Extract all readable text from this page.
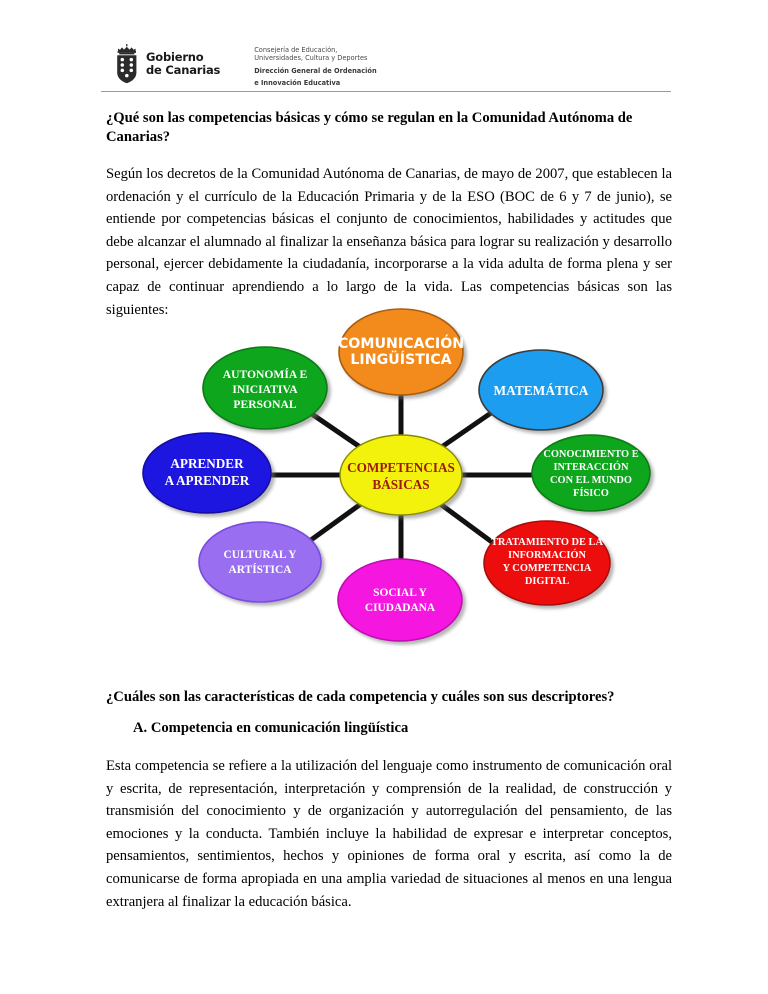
Gobierno
de Canarias
Consejería de Educación,
Universidades, Cultura y Deportes
Dirección General de Ordenación
e Innovación Educativa
¿Qué son las competencias básicas y cómo se regulan en la Comunidad Autónoma de Canarias?
Según los decretos de la Comunidad Autónoma de Canarias, de mayo de 2007, que establecen la ordenación y el currículo de la Educación Primaria y de la ESO (BOC de 6 y 7 de junio), se entiende por competencias básicas el conjunto de conocimientos, habilidades y actitudes que debe alcanzar el alumnado al finalizar la enseñanza básica para lograr su realización y desarrollo personal, ejercer debidamente la ciudadanía, incorporarse a la vida adulta de forma plena y ser capaz de continuar aprendiendo a lo largo de la vida. Las competencias básicas son las siguientes:
COMUNICACIÓN
LINGÜÍSTICA
MATEMÁTICA
CONOCIMIENTO E
INTERACCIÓN
CON EL MUNDO
FÍSICO
TRATAMIENTO DE LA
INFORMACIÓN
Y COMPETENCIA
DIGITAL
SOCIAL Y
CIUDADANA
CULTURAL Y
ARTÍSTICA
APRENDER
A APRENDER
AUTONOMÍA E
INICIATIVA
PERSONAL
COMPETENCIAS
BÁSICAS
¿Cuáles son las características de cada competencia y cuáles son sus descriptores?
A. Competencia en comunicación lingüística
Esta competencia se refiere a la utilización del lenguaje como instrumento de comunicación oral y escrita, de representación, interpretación y comprensión de la realidad, de construcción y transmisión del conocimiento y de organización y autorregulación del pensamiento, de las emociones y la conducta. También incluye la habilidad de expresar e interpretar conceptos, pensamientos, sentimientos, hechos y opiniones de forma oral y escrita, así como la de comunicarse de forma apropiada en una amplia variedad de situaciones al menos en una lengua extranjera al finalizar la educación básica.
